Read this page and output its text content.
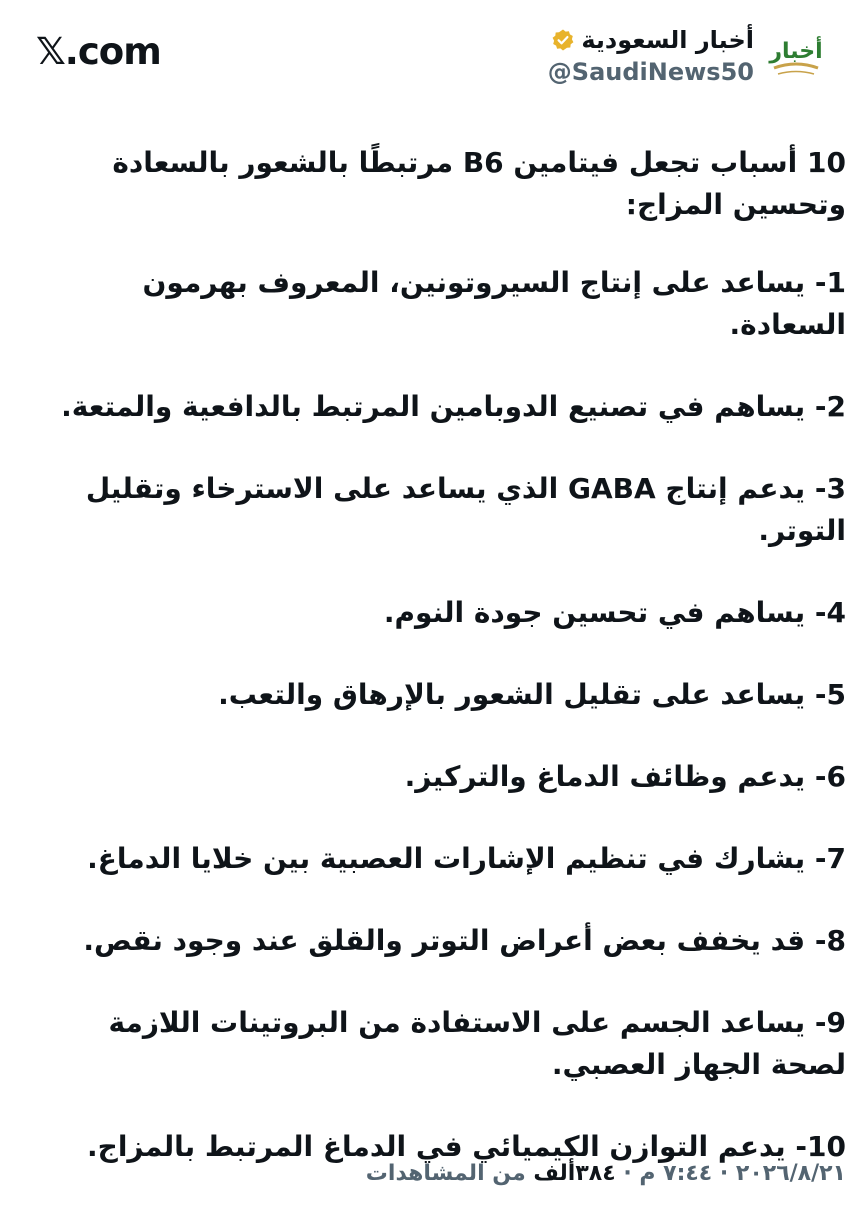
𝕏.com	أخبار السعودية
@SaudiNews50
أخبار

10 أسباب تجعل فيتامين B6 مرتبطًا بالشعور بالسعادة وتحسين المزاج:

1- يساعد على إنتاج السيروتونين، المعروف بهرمون السعادة.

2- يساهم في تصنيع الدوبامين المرتبط بالدافعية والمتعة.

3- يدعم إنتاج GABA الذي يساعد على الاسترخاء وتقليل التوتر.

4- يساهم في تحسين جودة النوم.

5- يساعد على تقليل الشعور بالإرهاق والتعب.

6- يدعم وظائف الدماغ والتركيز.

7- يشارك في تنظيم الإشارات العصبية بين خلايا الدماغ.

8- قد يخفف بعض أعراض التوتر والقلق عند وجود نقص.

9- يساعد الجسم على الاستفادة من البروتينات اللازمة لصحة الجهاز العصبي.

10- يدعم التوازن الكيميائي في الدماغ المرتبط بالمزاج.

٢٠٢٦/٨/٢١ · ٧:٤٤ م · ٣٨٤ألف من المشاهدات
